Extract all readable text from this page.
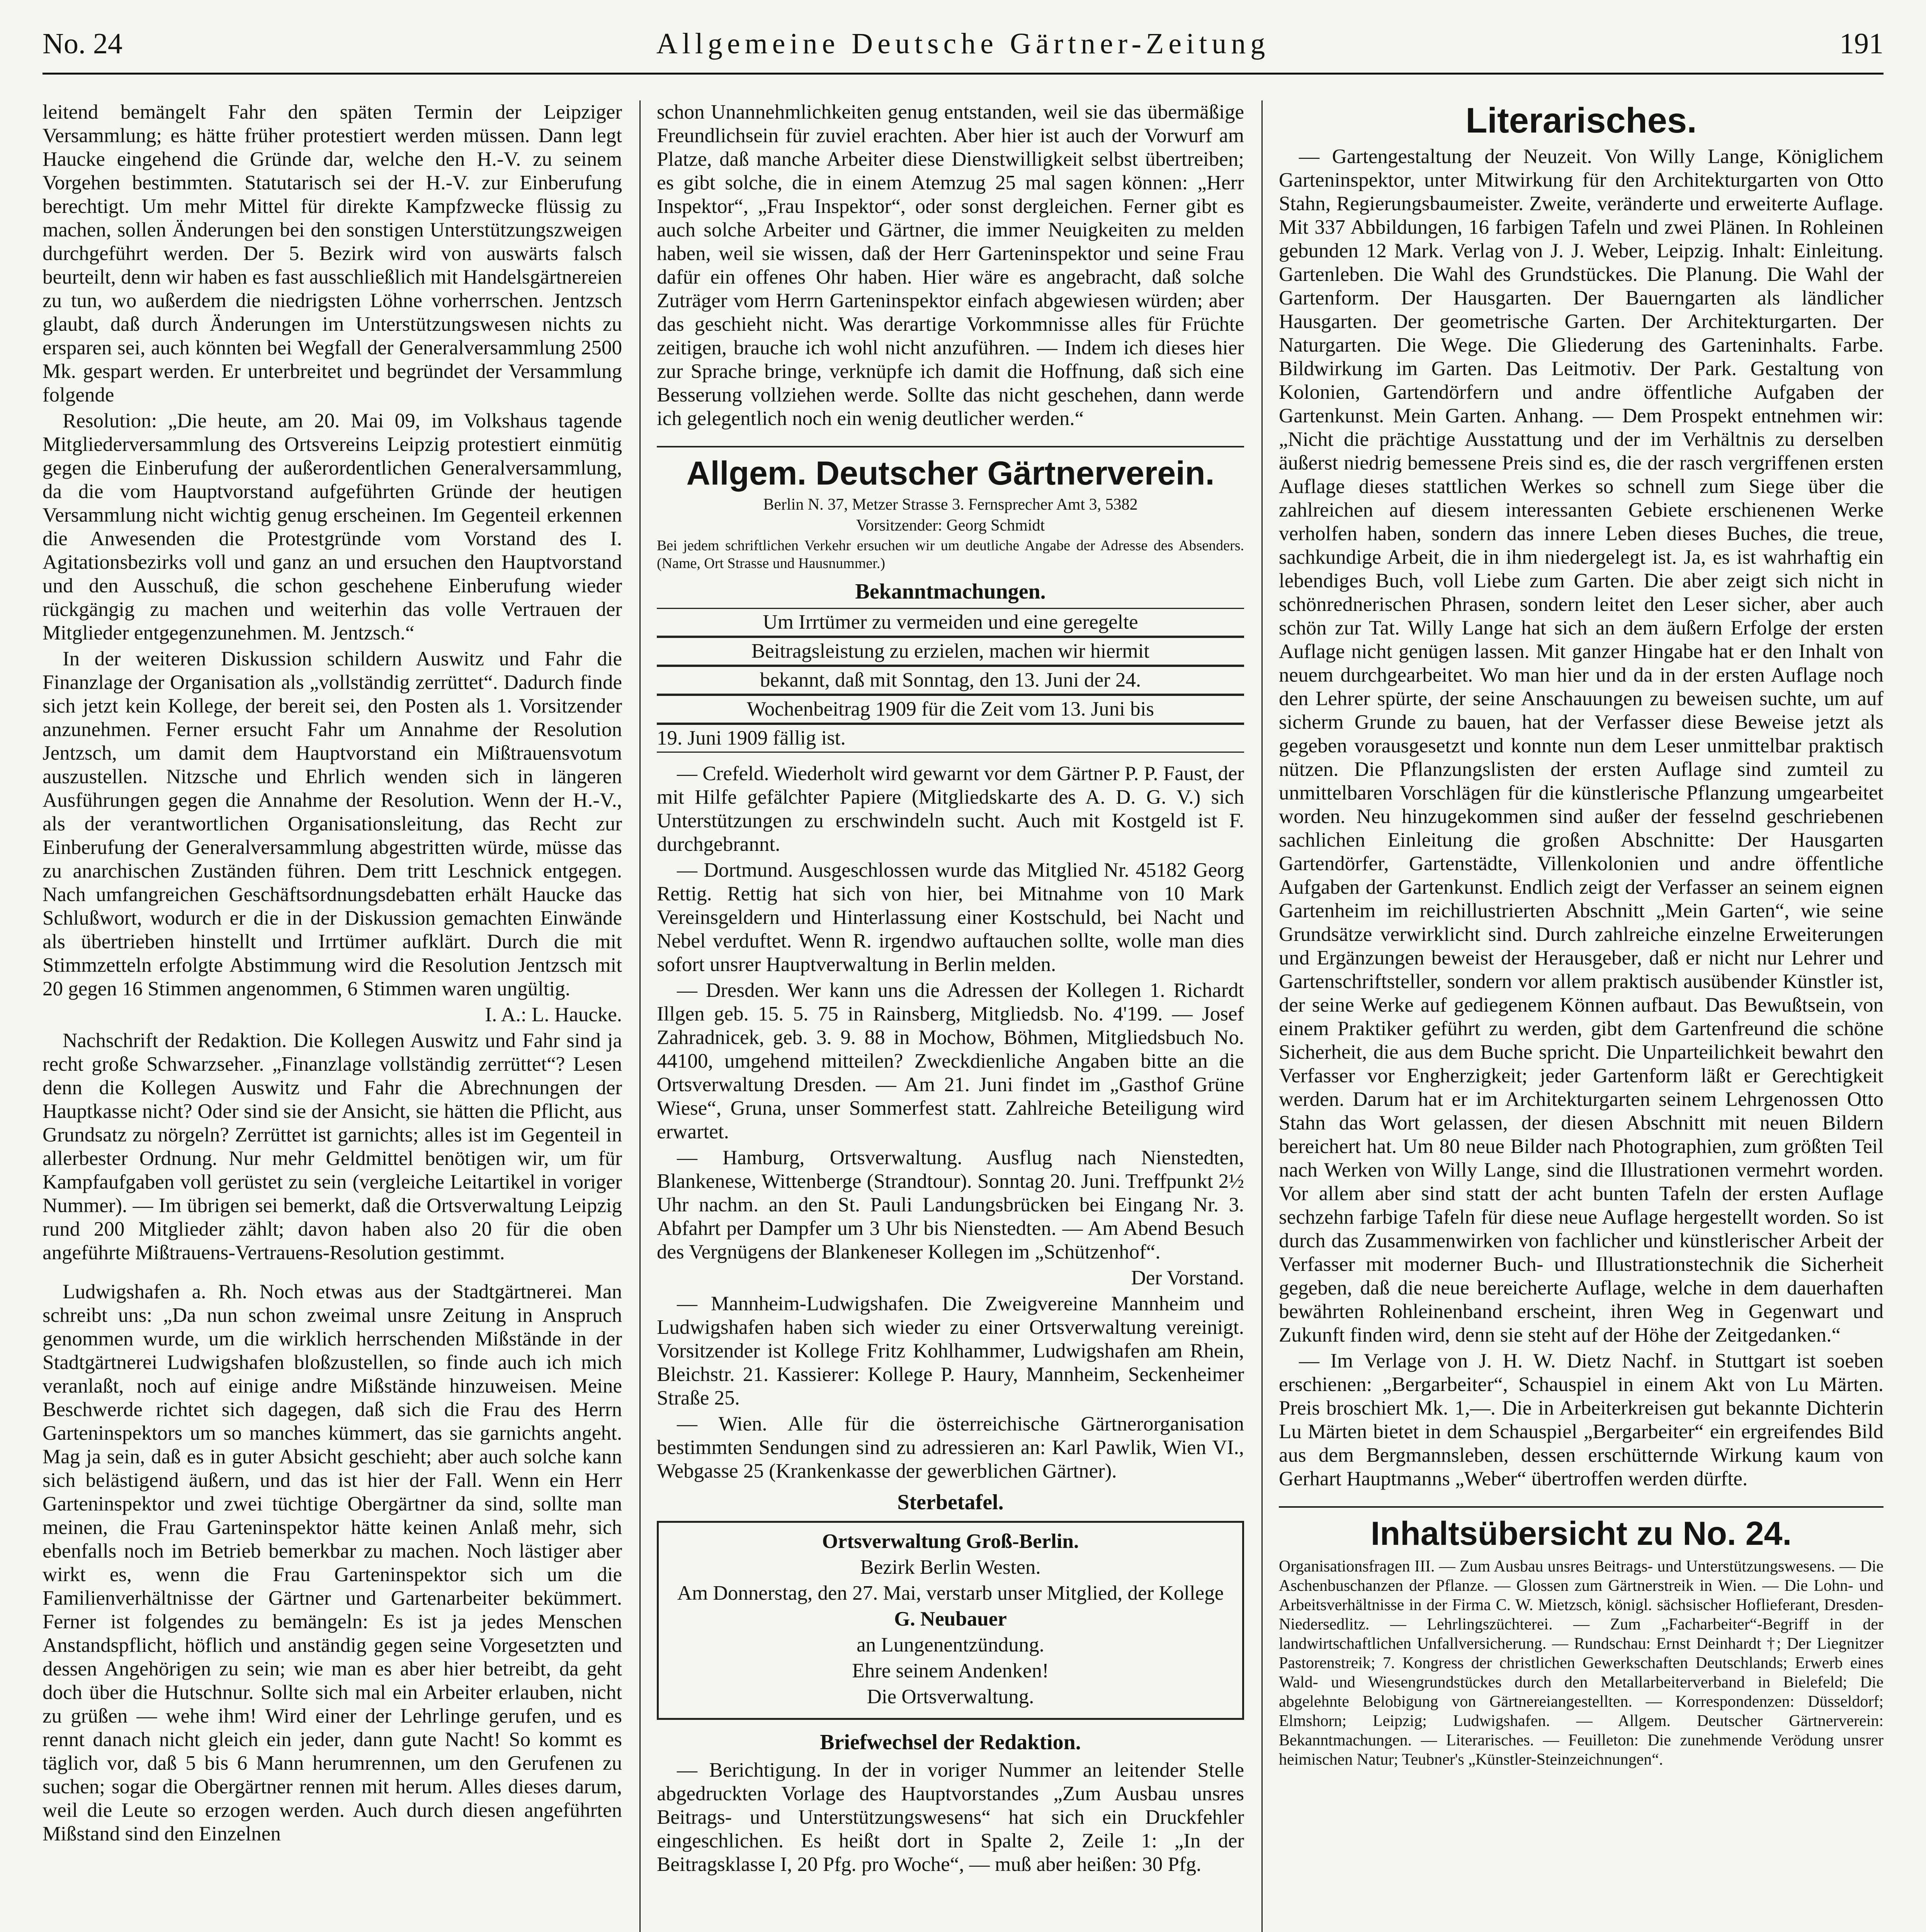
No. 24	Allgemeine Deutsche Gärtner-Zeitung	191

leitend bemängelt Fahr den späten Termin der Leipziger Versammlung; es hätte früher protestiert werden müssen. Dann legt Haucke eingehend die Gründe dar, welche den H.-V. zu seinem Vorgehen bestimmten. Statutarisch sei der H.-V. zur Einberufung berechtigt. Um mehr Mittel für direkte Kampfzwecke flüssig zu machen, sollen Änderungen bei den sonstigen Unterstützungszweigen durchgeführt werden. Der 5. Bezirk wird von auswärts falsch beurteilt, denn wir haben es fast ausschließlich mit Handelsgärtnereien zu tun, wo außerdem die niedrigsten Löhne vorherrschen. Jentzsch glaubt, daß durch Änderungen im Unterstützungswesen nichts zu ersparen sei, auch könnten bei Wegfall der Generalversammlung 2500 Mk. gespart werden. Er unterbreitet und begründet der Versammlung folgende

Resolution: „Die heute, am 20. Mai 09, im Volkshaus tagende Mitgliederversammlung des Ortsvereins Leipzig protestiert einmütig gegen die Einberufung der außerordentlichen Generalversammlung, da die vom Hauptvorstand aufgeführten Gründe der heutigen Versammlung nicht wichtig genug erscheinen. Im Gegenteil erkennen die Anwesenden die Protestgründe vom Vorstand des I. Agitationsbezirks voll und ganz an und ersuchen den Hauptvorstand und den Ausschuß, die schon geschehene Einberufung wieder rückgängig zu machen und weiterhin das volle Vertrauen der Mitglieder entgegenzunehmen. M. Jentzsch.“

In der weiteren Diskussion schildern Auswitz und Fahr die Finanzlage der Organisation als „vollständig zerrüttet“. Dadurch finde sich jetzt kein Kollege, der bereit sei, den Posten als 1. Vorsitzender anzunehmen. Ferner ersucht Fahr um Annahme der Resolution Jentzsch, um damit dem Hauptvorstand ein Mißtrauensvotum auszustellen. Nitzsche und Ehrlich wenden sich in längeren Ausführungen gegen die Annahme der Resolution. Wenn der H.-V., als der verantwortlichen Organisationsleitung, das Recht zur Einberufung der Generalversammlung abgestritten würde, müsse das zu anarchischen Zuständen führen. Dem tritt Leschnick entgegen. Nach umfangreichen Geschäftsordnungsdebatten erhält Haucke das Schlußwort, wodurch er die in der Diskussion gemachten Einwände als übertrieben hinstellt und Irrtümer aufklärt. Durch die mit Stimmzetteln erfolgte Abstimmung wird die Resolution Jentzsch mit 20 gegen 16 Stimmen angenommen, 6 Stimmen waren ungültig.

I. A.: L. Haucke.

Nachschrift der Redaktion. Die Kollegen Auswitz und Fahr sind ja recht große Schwarzseher. „Finanzlage vollständig zerrüttet“? Lesen denn die Kollegen Auswitz und Fahr die Abrechnungen der Hauptkasse nicht? Oder sind sie der Ansicht, sie hätten die Pflicht, aus Grundsatz zu nörgeln? Zerrüttet ist garnichts; alles ist im Gegenteil in allerbester Ordnung. Nur mehr Geldmittel benötigen wir, um für Kampfaufgaben voll gerüstet zu sein (vergleiche Leitartikel in voriger Nummer). — Im übrigen sei bemerkt, daß die Ortsverwaltung Leipzig rund 200 Mitglieder zählt; davon haben also 20 für die oben angeführte Mißtrauens-Vertrauens-Resolution gestimmt.

Ludwigshafen a. Rh. Noch etwas aus der Stadtgärtnerei. Man schreibt uns: „Da nun schon zweimal unsre Zeitung in Anspruch genommen wurde, um die wirklich herrschenden Mißstände in der Stadtgärtnerei Ludwigshafen bloßzustellen, so finde auch ich mich veranlaßt, noch auf einige andre Mißstände hinzuweisen. Meine Beschwerde richtet sich dagegen, daß sich die Frau des Herrn Garteninspektors um so manches kümmert, das sie garnichts angeht. Mag ja sein, daß es in guter Absicht geschieht; aber auch solche kann sich belästigend äußern, und das ist hier der Fall. Wenn ein Herr Garteninspektor und zwei tüchtige Obergärtner da sind, sollte man meinen, die Frau Garteninspektor hätte keinen Anlaß mehr, sich ebenfalls noch im Betrieb bemerkbar zu machen. Noch lästiger aber wirkt es, wenn die Frau Garteninspektor sich um die Familienverhältnisse der Gärtner und Gartenarbeiter bekümmert. Ferner ist folgendes zu bemängeln: Es ist ja jedes Menschen Anstandspflicht, höflich und anständig gegen seine Vorgesetzten und dessen Angehörigen zu sein; wie man es aber hier betreibt, da geht doch über die Hutschnur. Sollte sich mal ein Arbeiter erlauben, nicht zu grüßen — wehe ihm! Wird einer der Lehrlinge gerufen, und es rennt danach nicht gleich ein jeder, dann gute Nacht! So kommt es täglich vor, daß 5 bis 6 Mann herumrennen, um den Gerufenen zu suchen; sogar die Obergärtner rennen mit herum. Alles dieses darum, weil die Leute so erzogen werden. Auch durch diesen angeführten Mißstand sind den Einzelnen

schon Unannehmlichkeiten genug entstanden, weil sie das übermäßige Freundlichsein für zuviel erachten. Aber hier ist auch der Vorwurf am Platze, daß manche Arbeiter diese Dienstwilligkeit selbst übertreiben; es gibt solche, die in einem Atemzug 25 mal sagen können: „Herr Inspektor“, „Frau Inspektor“, oder sonst dergleichen. Ferner gibt es auch solche Arbeiter und Gärtner, die immer Neuigkeiten zu melden haben, weil sie wissen, daß der Herr Garteninspektor und seine Frau dafür ein offenes Ohr haben. Hier wäre es angebracht, daß solche Zuträger vom Herrn Garteninspektor einfach abgewiesen würden; aber das geschieht nicht. Was derartige Vorkommnisse alles für Früchte zeitigen, brauche ich wohl nicht anzuführen. — Indem ich dieses hier zur Sprache bringe, verknüpfe ich damit die Hoffnung, daß sich eine Besserung vollziehen werde. Sollte das nicht geschehen, dann werde ich gelegentlich noch ein wenig deutlicher werden.“

Allgem. Deutscher Gärtnerverein.

Berlin N. 37, Metzer Strasse 3. Fernsprecher Amt 3, 5382

Vorsitzender: Georg Schmidt

Bei jedem schriftlichen Verkehr ersuchen wir um deutliche Angabe der Adresse des Absenders. (Name, Ort Strasse und Hausnummer.)

Bekanntmachungen.

Um Irrtümer zu vermeiden und eine geregelte

Beitragsleistung zu erzielen, machen wir hiermit

bekannt, daß mit Sonntag, den 13. Juni der 24.

Wochenbeitrag 1909 für die Zeit vom 13. Juni bis

19. Juni 1909 fällig ist.

— Crefeld. Wiederholt wird gewarnt vor dem Gärtner P. P. Faust, der mit Hilfe gefälchter Papiere (Mitgliedskarte des A. D. G. V.) sich Unterstützungen zu erschwindeln sucht. Auch mit Kostgeld ist F. durchgebrannt.

— Dortmund. Ausgeschlossen wurde das Mitglied Nr. 45182 Georg Rettig. Rettig hat sich von hier, bei Mitnahme von 10 Mark Vereinsgeldern und Hinterlassung einer Kostschuld, bei Nacht und Nebel verduftet. Wenn R. irgendwo auftauchen sollte, wolle man dies sofort unsrer Hauptverwaltung in Berlin melden.

— Dresden. Wer kann uns die Adressen der Kollegen 1. Richardt Illgen geb. 15. 5. 75 in Rainsberg, Mitgliedsb. No. 4'199. — Josef Zahradnicek, geb. 3. 9. 88 in Mochow, Böhmen, Mitgliedsbuch No. 44100, umgehend mitteilen? Zweckdienliche Angaben bitte an die Ortsverwaltung Dresden. — Am 21. Juni findet im „Gasthof Grüne Wiese“, Gruna, unser Sommerfest statt. Zahlreiche Beteiligung wird erwartet.

— Hamburg, Ortsverwaltung. Ausflug nach Nienstedten, Blankenese, Wittenberge (Strandtour). Sonntag 20. Juni. Treffpunkt 2½ Uhr nachm. an den St. Pauli Landungsbrücken bei Eingang Nr. 3. Abfahrt per Dampfer um 3 Uhr bis Nienstedten. — Am Abend Besuch des Vergnügens der Blankeneser Kollegen im „Schützenhof“.

Der Vorstand.

— Mannheim-Ludwigshafen. Die Zweigvereine Mannheim und Ludwigshafen haben sich wieder zu einer Ortsverwaltung vereinigt. Vorsitzender ist Kollege Fritz Kohlhammer, Ludwigshafen am Rhein, Bleichstr. 21. Kassierer: Kollege P. Haury, Mannheim, Seckenheimer Straße 25.

— Wien. Alle für die österreichische Gärtnerorganisation bestimmten Sendungen sind zu adressieren an: Karl Pawlik, Wien VI., Webgasse 25 (Krankenkasse der gewerblichen Gärtner).

Sterbetafel.

Ortsverwaltung Groß-Berlin.

Bezirk Berlin Westen.

Am Donnerstag, den 27. Mai, verstarb unser Mitglied, der Kollege

G. Neubauer

an Lungenentzündung.

Ehre seinem Andenken!

Die Ortsverwaltung.

Briefwechsel der Redaktion.

— Berichtigung. In der in voriger Nummer an leitender Stelle abgedruckten Vorlage des Hauptvorstandes „Zum Ausbau unsres Beitrags- und Unterstützungswesens“ hat sich ein Druckfehler eingeschlichen. Es heißt dort in Spalte 2, Zeile 1: „In der Beitragsklasse I, 20 Pfg. pro Woche“, — muß aber heißen: 30 Pfg.

Literarisches.

— Gartengestaltung der Neuzeit. Von Willy Lange, Königlichem Garteninspektor, unter Mitwirkung für den Architekturgarten von Otto Stahn, Regierungsbaumeister. Zweite, veränderte und erweiterte Auflage. Mit 337 Abbildungen, 16 farbigen Tafeln und zwei Plänen. In Rohleinen gebunden 12 Mark. Verlag von J. J. Weber, Leipzig. Inhalt: Einleitung. Gartenleben. Die Wahl des Grundstückes. Die Planung. Die Wahl der Gartenform. Der Hausgarten. Der Bauerngarten als ländlicher Hausgarten. Der geometrische Garten. Der Architekturgarten. Der Naturgarten. Die Wege. Die Gliederung des Garteninhalts. Farbe. Bildwirkung im Garten. Das Leitmotiv. Der Park. Gestaltung von Kolonien, Gartendörfern und andre öffentliche Aufgaben der Gartenkunst. Mein Garten. Anhang. — Dem Prospekt entnehmen wir: „Nicht die prächtige Ausstattung und der im Verhältnis zu derselben äußerst niedrig bemessene Preis sind es, die der rasch vergriffenen ersten Auflage dieses stattlichen Werkes so schnell zum Siege über die zahlreichen auf diesem interessanten Gebiete erschienenen Werke verholfen haben, sondern das innere Leben dieses Buches, die treue, sachkundige Arbeit, die in ihm niedergelegt ist. Ja, es ist wahrhaftig ein lebendiges Buch, voll Liebe zum Garten. Die aber zeigt sich nicht in schönrednerischen Phrasen, sondern leitet den Leser sicher, aber auch schön zur Tat. Willy Lange hat sich an dem äußern Erfolge der ersten Auflage nicht genügen lassen. Mit ganzer Hingabe hat er den Inhalt von neuem durchgearbeitet. Wo man hier und da in der ersten Auflage noch den Lehrer spürte, der seine Anschauungen zu beweisen suchte, um auf sicherm Grunde zu bauen, hat der Verfasser diese Beweise jetzt als gegeben vorausgesetzt und konnte nun dem Leser unmittelbar praktisch nützen. Die Pflanzungslisten der ersten Auflage sind zumteil zu unmittelbaren Vorschlägen für die künstlerische Pflanzung umgearbeitet worden. Neu hinzugekommen sind außer der fesselnd geschriebenen sachlichen Einleitung die großen Abschnitte: Der Hausgarten Gartendörfer, Gartenstädte, Villenkolonien und andre öffentliche Aufgaben der Gartenkunst. Endlich zeigt der Verfasser an seinem eignen Gartenheim im reichillustrierten Abschnitt „Mein Garten“, wie seine Grundsätze verwirklicht sind. Durch zahlreiche einzelne Erweiterungen und Ergänzungen beweist der Herausgeber, daß er nicht nur Lehrer und Gartenschriftsteller, sondern vor allem praktisch ausübender Künstler ist, der seine Werke auf gediegenem Können aufbaut. Das Bewußtsein, von einem Praktiker geführt zu werden, gibt dem Gartenfreund die schöne Sicherheit, die aus dem Buche spricht. Die Unparteilichkeit bewahrt den Verfasser vor Engherzigkeit; jeder Gartenform läßt er Gerechtigkeit werden. Darum hat er im Architekturgarten seinem Lehrgenossen Otto Stahn das Wort gelassen, der diesen Abschnitt mit neuen Bildern bereichert hat. Um 80 neue Bilder nach Photographien, zum größten Teil nach Werken von Willy Lange, sind die Illustrationen vermehrt worden. Vor allem aber sind statt der acht bunten Tafeln der ersten Auflage sechzehn farbige Tafeln für diese neue Auflage hergestellt worden. So ist durch das Zusammenwirken von fachlicher und künstlerischer Arbeit der Verfasser mit moderner Buch- und Illustrationstechnik die Sicherheit gegeben, daß die neue bereicherte Auflage, welche in dem dauerhaften bewährten Rohleinenband erscheint, ihren Weg in Gegenwart und Zukunft finden wird, denn sie steht auf der Höhe der Zeitgedanken.“

— Im Verlage von J. H. W. Dietz Nachf. in Stuttgart ist soeben erschienen: „Bergarbeiter“, Schauspiel in einem Akt von Lu Märten. Preis broschiert Mk. 1,—. Die in Arbeiterkreisen gut bekannte Dichterin Lu Märten bietet in dem Schauspiel „Bergarbeiter“ ein ergreifendes Bild aus dem Bergmannsleben, dessen erschütternde Wirkung kaum von Gerhart Hauptmanns „Weber“ übertroffen werden dürfte.

Inhaltsübersicht zu No. 24.

Organisationsfragen III. — Zum Ausbau unsres Beitrags- und Unterstützungswesens. — Die Aschenbuschanzen der Pflanze. — Glossen zum Gärtnerstreik in Wien. — Die Lohn- und Arbeitsverhältnisse in der Firma C. W. Mietzsch, königl. sächsischer Hoflieferant, Dresden-Niedersedlitz. — Lehrlingszüchterei. — Zum „Facharbeiter“-Begriff in der landwirtschaftlichen Unfallversicherung. — Rundschau: Ernst Deinhardt †; Der Liegnitzer Pastorenstreik; 7. Kongress der christlichen Gewerkschaften Deutschlands; Erwerb eines Wald- und Wiesengrundstückes durch den Metallarbeiterverband in Bielefeld; Die abgelehnte Belobigung von Gärtnereiangestellten. — Korrespondenzen: Düsseldorf; Elmshorn; Leipzig; Ludwigshafen. — Allgem. Deutscher Gärtnerverein: Bekanntmachungen. — Literarisches. — Feuilleton: Die zunehmende Verödung unsrer heimischen Natur; Teubner's „Künstler-Steinzeichnungen“.
